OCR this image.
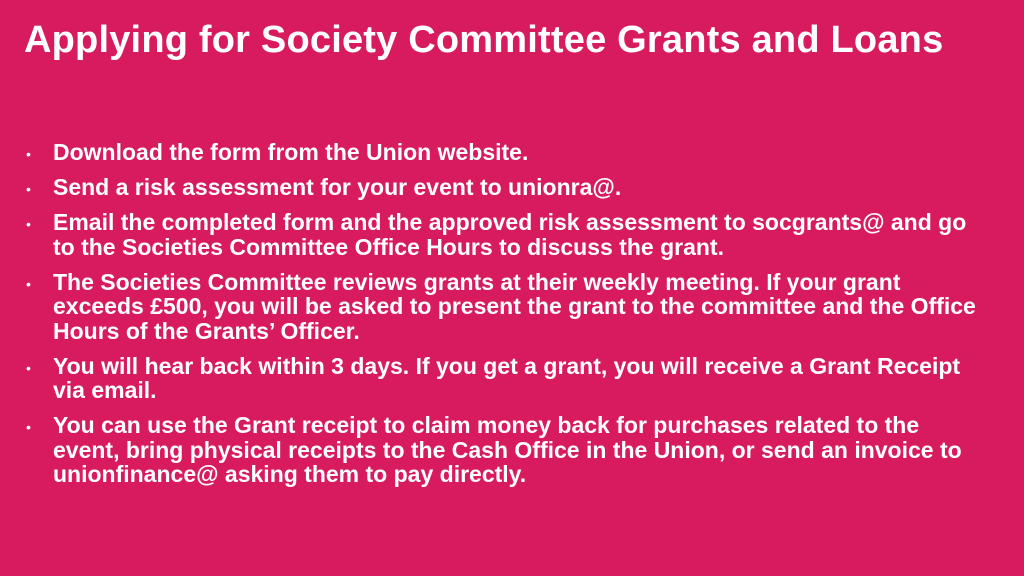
Applying for Society Committee Grants and Loans
• Download the form from the Union website.
• Send a risk assessment for your event to unionra@.
• Email the completed form and the approved risk assessment to socgrants@ and go to the Societies Committee Office Hours to discuss the grant.
• The Societies Committee reviews grants at their weekly meeting. If your grant exceeds £500, you will be asked to present the grant to the committee and the Office Hours of the Grants’ Officer.
• You will hear back within 3 days. If you get a grant, you will receive a Grant Receipt via email.
• You can use the Grant receipt to claim money back for purchases related to the event, bring physical receipts to the Cash Office in the Union, or send an invoice to unionfinance@ asking them to pay directly.
